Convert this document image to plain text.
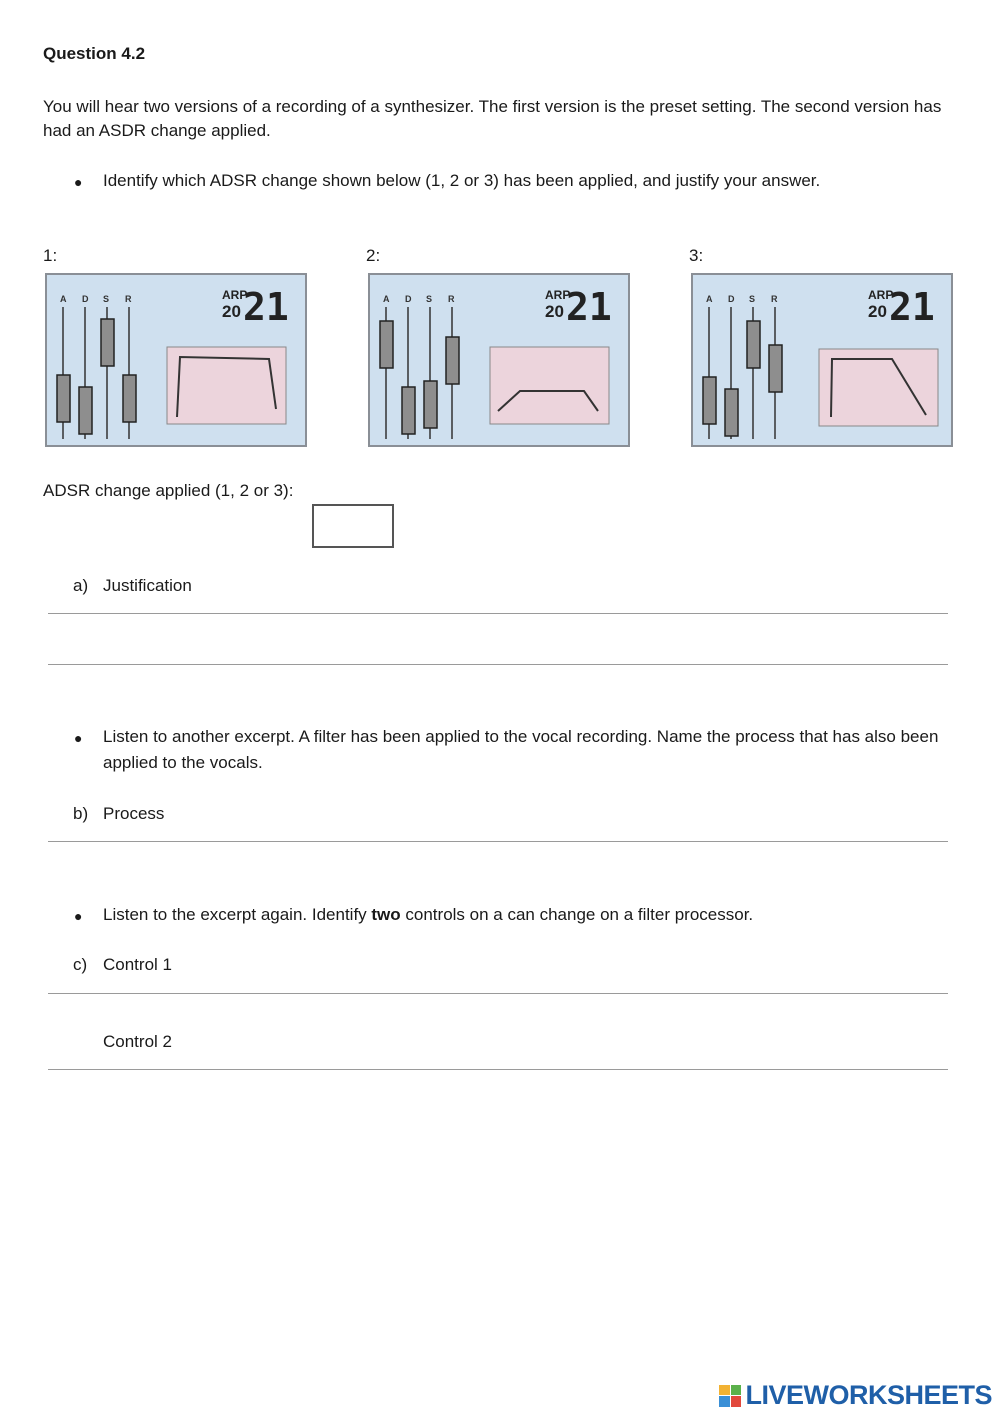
Question 4.2
You will hear two versions of a recording of a synthesizer. The first version is the preset setting. The second version has had an ASDR change applied.
● Identify which ADSR change shown below (1, 2 or 3) has been applied, and justify your answer.
1:	2:	3:
A D S R	ARP
20 21	A D S R	ARP
20 21	A D S R	ARP
20 21
ADSR change applied (1, 2 or 3):
a) Justification
● Listen to another excerpt. A filter has been applied to the vocal recording. Name the process that has also been applied to the vocals.
b) Process
● Listen to the excerpt again. Identify two controls on a can change on a filter processor.
c) Control 1
Control 2
LIVEWORKSHEETS
